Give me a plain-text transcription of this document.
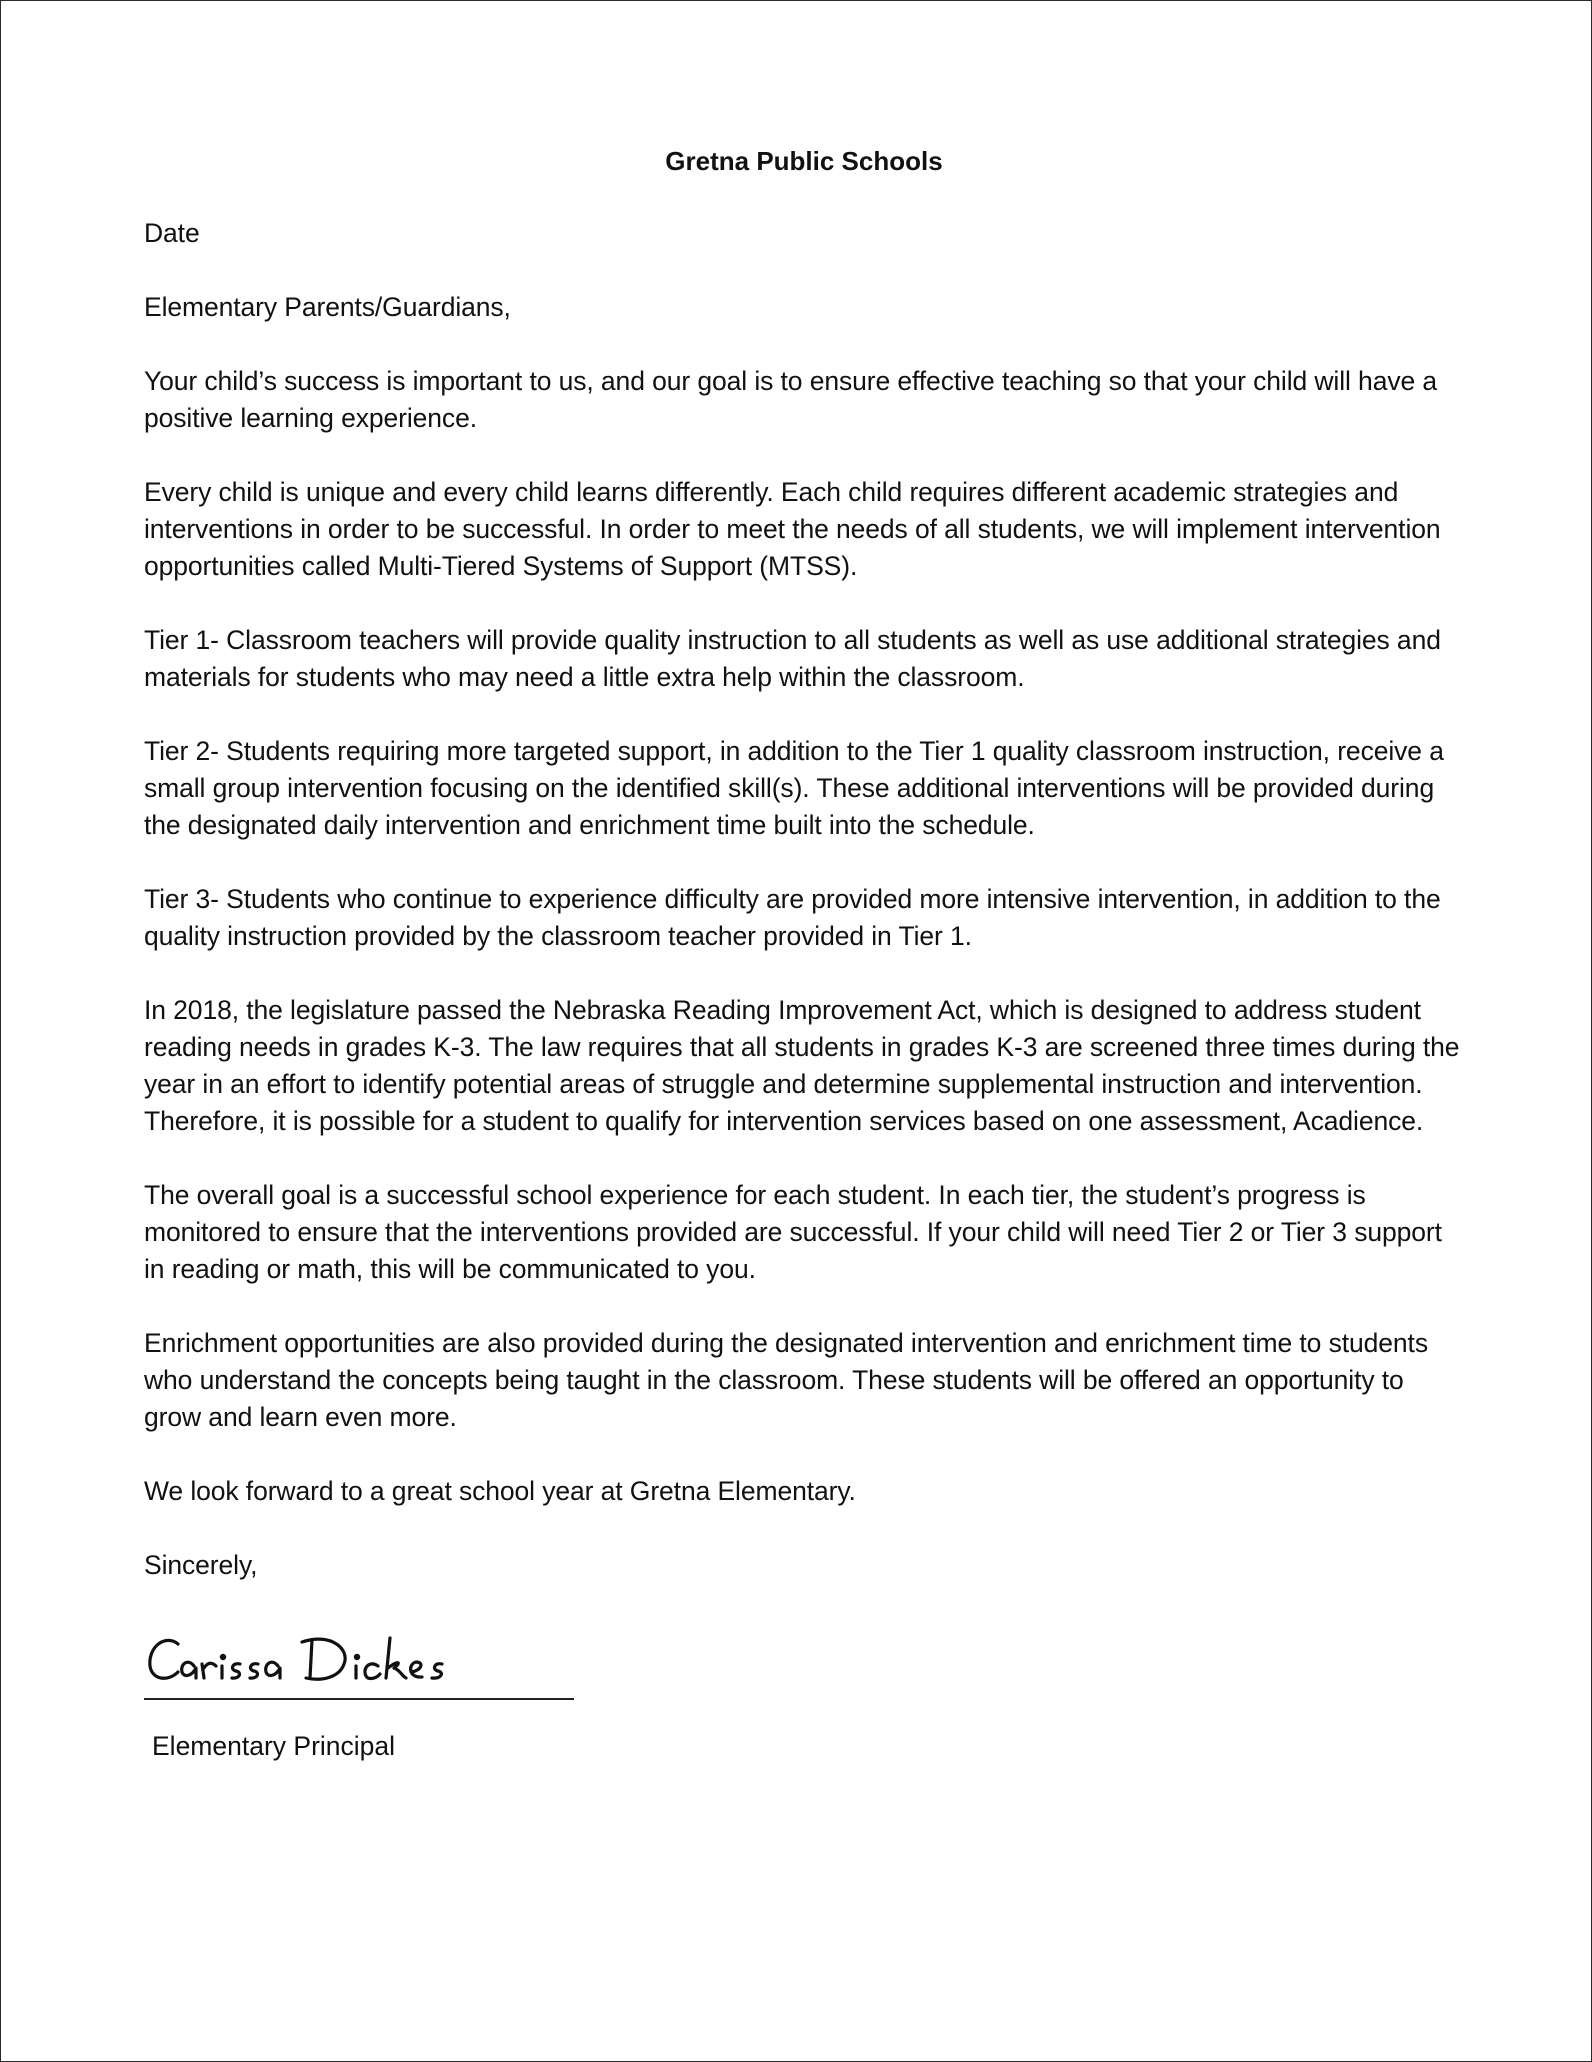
Gretna Public Schools
Date
Elementary Parents/Guardians,
Your child’s success is important to us, and our goal is to ensure effective teaching so that your child will have a positive learning experience.
Every child is unique and every child learns differently. Each child requires different academic strategies and interventions in order to be successful. In order to meet the needs of all students, we will implement intervention opportunities called Multi-Tiered Systems of Support (MTSS).
Tier 1- Classroom teachers will provide quality instruction to all students as well as use additional strategies and materials for students who may need a little extra help within the classroom.
Tier 2- Students requiring more targeted support, in addition to the Tier 1 quality classroom instruction, receive a small group intervention focusing on the identified skill(s). These additional interventions will be provided during the designated daily intervention and enrichment time built into the schedule.
Tier 3- Students who continue to experience difficulty are provided more intensive intervention, in addition to the quality instruction provided by the classroom teacher provided in Tier 1.
In 2018, the legislature passed the Nebraska Reading Improvement Act, which is designed to address student reading needs in grades K-3. The law requires that all students in grades K-3 are screened three times during the year in an effort to identify potential areas of struggle and determine supplemental instruction and intervention. Therefore, it is possible for a student to qualify for intervention services based on one assessment, Acadience.
The overall goal is a successful school experience for each student. In each tier, the student’s progress is monitored to ensure that the interventions provided are successful. If your child will need Tier 2 or Tier 3 support in reading or math, this will be communicated to you.
Enrichment opportunities are also provided during the designated intervention and enrichment time to students who understand the concepts being taught in the classroom. These students will be offered an opportunity to grow and learn even more.
We look forward to a great school year at Gretna Elementary.
Sincerely,
Elementary Principal
